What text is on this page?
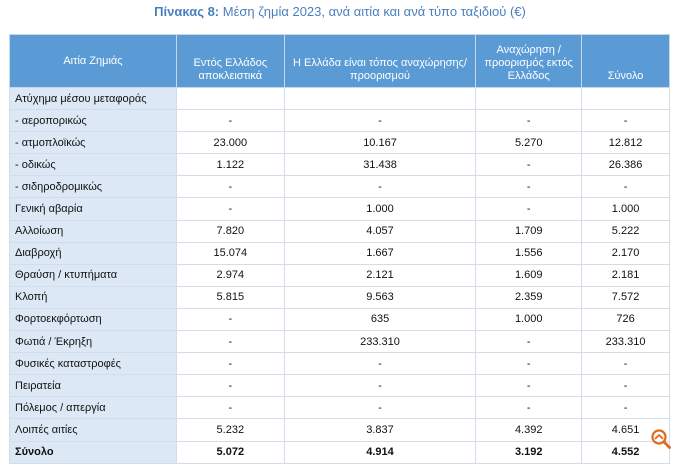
Πίνακας 8: Μέση ζημία 2023, ανά αιτία και ανά τύπο ταξιδιού (€)
Αιτία Ζημιάς	Εντός Ελλάδος αποκλειστικά	Η Ελλάδα είναι τόπος αναχώρησης/προορισμού	Αναχώρηση / προορισμός εκτός Ελλάδος	Σύνολο
Ατύχημα μέσου μεταφοράς				
- αεροπορικώς	-	-	-	-
- ατμοπλοϊκώς	23.000	10.167	5.270	12.812
- οδικώς	1.122	31.438	-	26.386
- σιδηροδρομικώς	-	-	-	-
Γενική αβαρία	-	1.000	-	1.000
Αλλοίωση	7.820	4.057	1.709	5.222
Διαβροχή	15.074	1.667	1.556	2.170
Θραύση / κτυπήματα	2.974	2.121	1.609	2.181
Κλοπή	5.815	9.563	2.359	7.572
Φορτοεκφόρτωση	-	635	1.000	726
Φωτιά / Έκρηξη	-	233.310	-	233.310
Φυσικές καταστροφές	-	-	-	-
Πειρατεία	-	-	-	-
Πόλεμος / απεργία	-	-	-	-
Λοιπές αιτίες	5.232	3.837	4.392	4.651
Σύνολο	5.072	4.914	3.192	4.552
